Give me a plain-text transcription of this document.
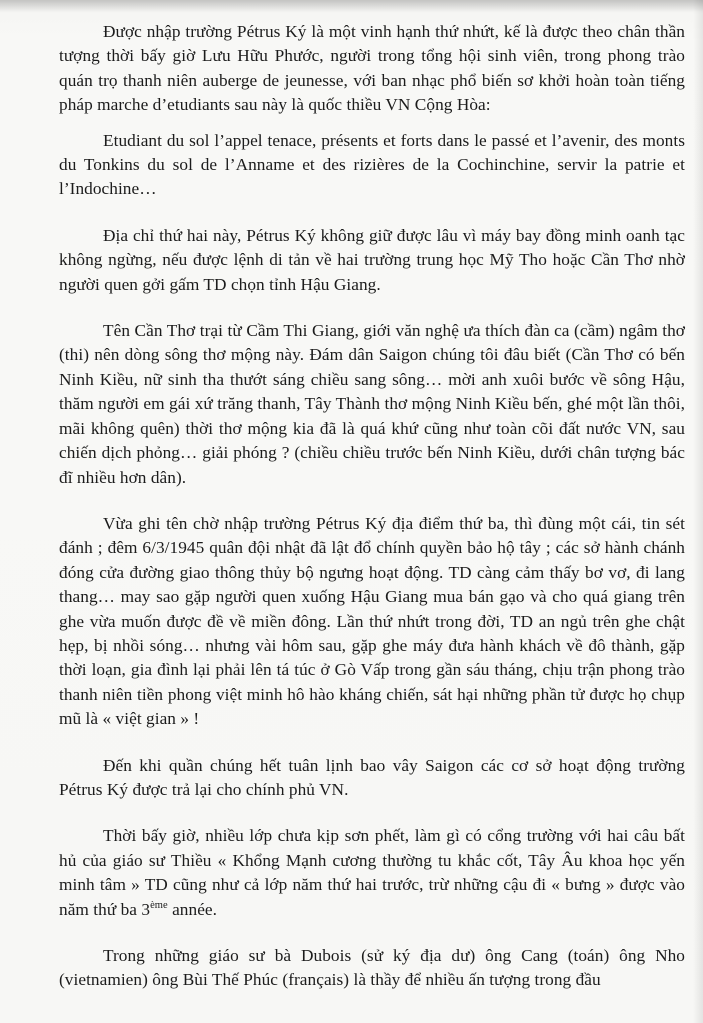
Được nhập trường Pétrus Ký là một vinh hạnh thứ nhứt, kế là được theo chân thần tượng thời bấy giờ Lưu Hữu Phước, người trong tổng hội sinh viên, trong phong trào quán trọ thanh niên auberge de jeunesse, với ban nhạc phổ biến sơ khởi hoàn toàn tiếng pháp marche d’etudiants sau này là quốc thiều VN Cộng Hòa:

Etudiant du sol l’appel tenace, présents et forts dans le passé et l’avenir, des monts du Tonkins du sol de l’Anname et des rizières de la Cochinchine, servir la patrie et l’Indochine…

Địa chỉ thứ hai này, Pétrus Ký không giữ được lâu vì máy bay đồng minh oanh tạc không ngừng, nếu được lệnh di tản về hai trường trung học Mỹ Tho hoặc Cần Thơ nhờ người quen gởi gấm TD chọn tỉnh Hậu Giang.

Tên Cần Thơ trại từ Cầm Thi Giang, giới văn nghệ ưa thích đàn ca (cầm) ngâm thơ (thi) nên dòng sông thơ mộng này. Đám dân Saigon chúng tôi đâu biết (Cần Thơ có bến Ninh Kiều, nữ sinh tha thướt sáng chiều sang sông… mời anh xuôi bước về sông Hậu, thăm người em gái xứ trăng thanh, Tây Thành thơ mộng Ninh Kiều bến, ghé một lần thôi, mãi không quên) thời thơ mộng kia đã là quá khứ cũng như toàn cõi đất nước VN, sau chiến dịch phỏng… giải phóng ? (chiều chiều trước bến Ninh Kiều, dưới chân tượng bác đĩ nhiều hơn dân).

Vừa ghi tên chờ nhập trường Pétrus Ký địa điểm thứ ba, thì đùng một cái, tin sét đánh ; đêm 6/3/1945 quân đội nhật đã lật đổ chính quyền bảo hộ tây ; các sở hành chánh đóng cửa đường giao thông thủy bộ ngưng hoạt động. TD càng cảm thấy bơ vơ, đi lang thang… may sao gặp người quen xuống Hậu Giang mua bán gạo và cho quá giang trên ghe vừa muốn được đề về miền đông. Lần thứ nhứt trong đời, TD an ngủ trên ghe chật hẹp, bị nhồi sóng… nhưng vài hôm sau, gặp ghe máy đưa hành khách về đô thành, gặp thời loạn, gia đình lại phải lên tá túc ở Gò Vấp trong gần sáu tháng, chịu trận phong trào thanh niên tiền phong việt minh hô hào kháng chiến, sát hại những phần tử được họ chụp mũ là « việt gian » !

Đến khi quần chúng hết tuân lịnh bao vây Saigon các cơ sở hoạt động trường Pétrus Ký được trả lại cho chính phủ VN.

Thời bấy giờ, nhiều lớp chưa kịp sơn phết, làm gì có cổng trường với hai câu bất hủ của giáo sư Thiều « Khổng Mạnh cương thường tu khắc cốt, Tây Âu khoa học yến minh tâm » TD cũng như cả lớp năm thứ hai trước, trừ những cậu đi « bưng » được vào năm thứ ba 3ème année.

Trong những giáo sư bà Dubois (sử ký địa dư) ông Cang (toán) ông Nho (vietnamien) ông Bùi Thế Phúc (français) là thầy để nhiều ấn tượng trong đầu
